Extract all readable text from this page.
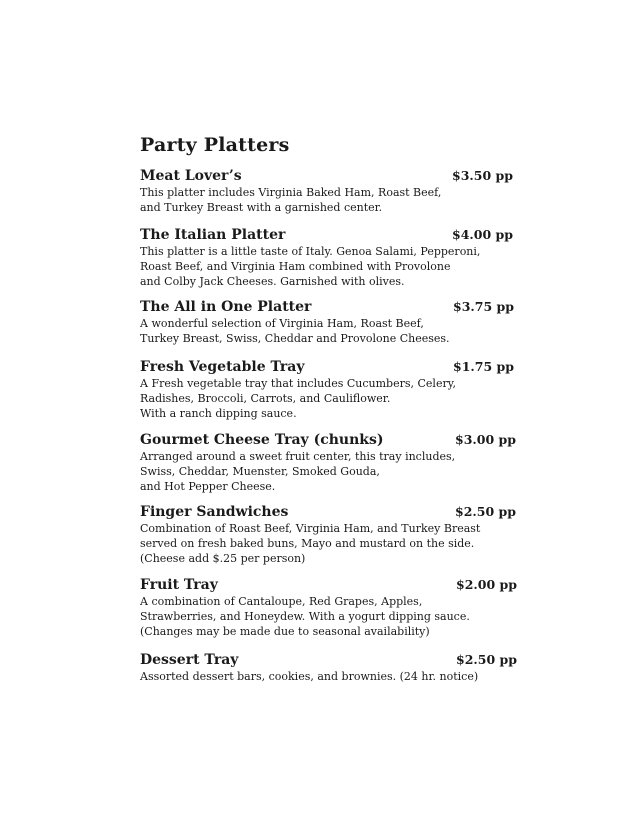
Party Platters
Meat Lover’s	$3.50 pp
This platter includes Virginia Baked Ham, Roast Beef,
and Turkey Breast with a garnished center.
The Italian Platter	$4.00 pp
This platter is a little taste of Italy. Genoa Salami, Pepperoni,
Roast Beef, and Virginia Ham combined with Provolone
and Colby Jack Cheeses. Garnished with olives.
The All in One Platter	$3.75 pp
A wonderful selection of Virginia Ham, Roast Beef,
Turkey Breast, Swiss, Cheddar and Provolone Cheeses.
Fresh Vegetable Tray	$1.75 pp
A Fresh vegetable tray that includes Cucumbers, Celery,
Radishes, Broccoli, Carrots, and Cauliflower.
With a ranch dipping sauce.
Gourmet Cheese Tray (chunks)	$3.00 pp
Arranged around a sweet fruit center, this tray includes,
Swiss, Cheddar, Muenster, Smoked Gouda,
and Hot Pepper Cheese.
Finger Sandwiches	$2.50 pp
Combination of Roast Beef, Virginia Ham, and Turkey Breast
served on fresh baked buns, Mayo and mustard on the side.
(Cheese add $.25 per person)
Fruit Tray	$2.00 pp
A combination of Cantaloupe, Red Grapes, Apples,
Strawberries, and Honeydew. With a yogurt dipping sauce.
(Changes may be made due to seasonal availability)
Dessert Tray	$2.50 pp
Assorted dessert bars, cookies, and brownies. (24 hr. notice)
